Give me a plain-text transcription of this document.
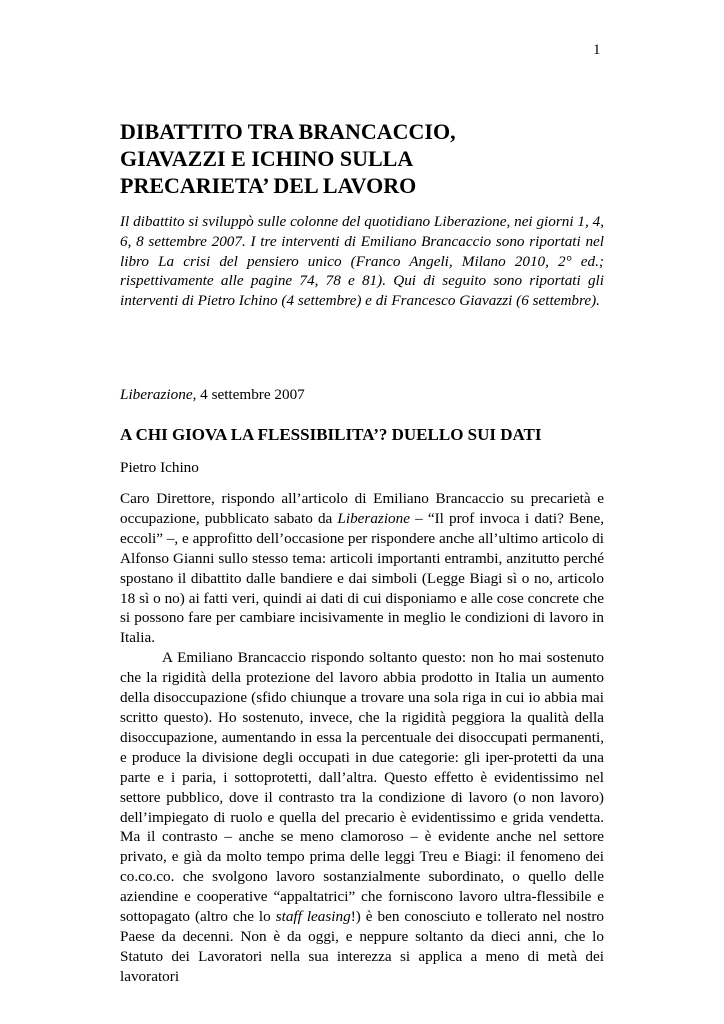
1
DIBATTITO TRA BRANCACCIO,
GIAVAZZI E ICHINO SULLA
PRECARIETA’ DEL LAVORO

Il dibattito si sviluppò sulle colonne del quotidiano Liberazione, nei giorni 1, 4, 6, 8 settembre 2007. I tre interventi di Emiliano Brancaccio sono riportati nel libro La crisi del pensiero unico (Franco Angeli, Milano 2010, 2° ed.; rispettivamente alle pagine 74, 78 e 81). Qui di seguito sono riportati gli interventi di Pietro Ichino (4 settembre) e di Francesco Giavazzi (6 settembre).

Liberazione, 4 settembre 2007

A CHI GIOVA LA FLESSIBILITA’? DUELLO SUI DATI

Pietro Ichino

Caro Direttore, rispondo all’articolo di Emiliano Brancaccio su precarietà e occupazione, pubblicato sabato da Liberazione – “Il prof invoca i dati? Bene, eccoli” –, e approfitto dell’occasione per rispondere anche all’ultimo articolo di Alfonso Gianni sullo stesso tema: articoli importanti entrambi, anzitutto perché spostano il dibattito dalle bandiere e dai simboli (Legge Biagi sì o no, articolo 18 sì o no) ai fatti veri, quindi ai dati di cui disponiamo e alle cose concrete che si possono fare per cambiare incisivamente in meglio le condizioni di lavoro in Italia.

A Emiliano Brancaccio rispondo soltanto questo: non ho mai sostenuto che la rigidità della protezione del lavoro abbia prodotto in Italia un aumento della disoccupazione (sfido chiunque a trovare una sola riga in cui io abbia mai scritto questo). Ho sostenuto, invece, che la rigidità peggiora la qualità della disoccupazione, aumentando in essa la percentuale dei disoccupati permanenti, e produce la divisione degli occupati in due categorie: gli iper-protetti da una parte e i paria, i sottoprotetti, dall’altra. Questo effetto è evidentissimo nel settore pubblico, dove il contrasto tra la condizione di lavoro (o non lavoro) dell’impiegato di ruolo e quella del precario è evidentissimo e grida vendetta. Ma il contrasto – anche se meno clamoroso – è evidente anche nel settore privato, e già da molto tempo prima delle leggi Treu e Biagi: il fenomeno dei co.co.co. che svolgono lavoro sostanzialmente subordinato, o quello delle aziendine e cooperative “appaltatrici” che forniscono lavoro ultra-flessibile e sottopagato (altro che lo staff leasing!) è ben conosciuto e tollerato nel nostro Paese da decenni. Non è da oggi, e neppure soltanto da dieci anni, che lo Statuto dei Lavoratori nella sua interezza si applica a meno di metà dei lavoratori
